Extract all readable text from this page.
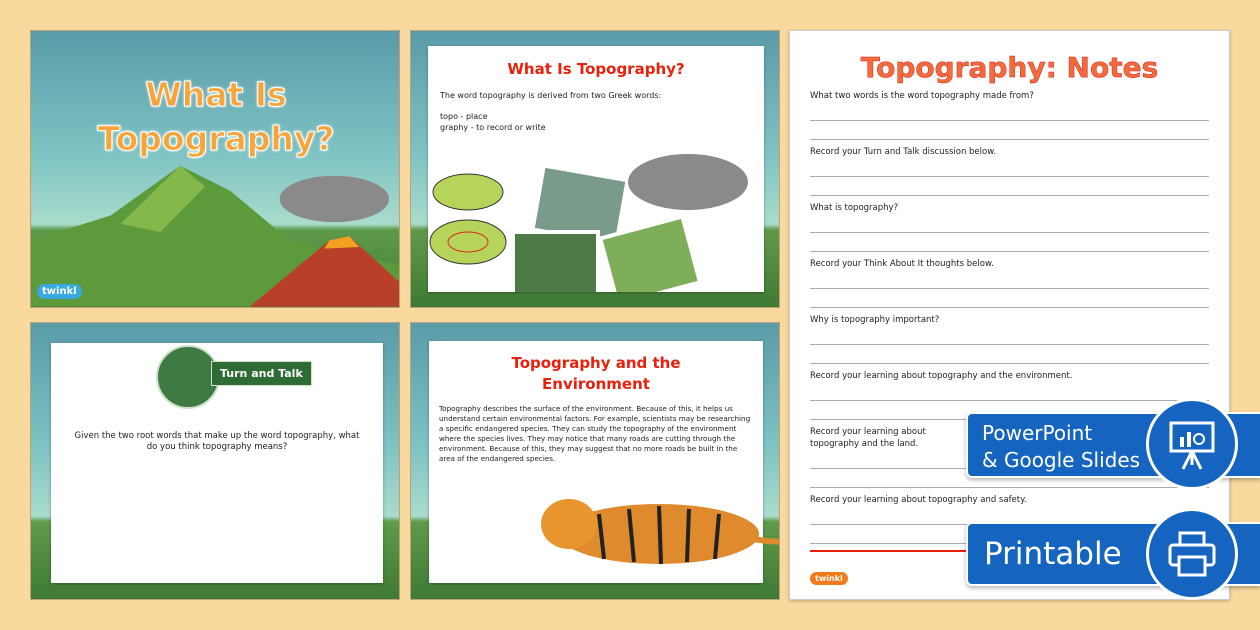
What Is Topography?
twinkl
What Is Topography?
The word topography is derived from two Greek words:
topo - place
graphy - to record or write
Turn and Talk
Given the two root words that make up the word topography, what do you think topography means?
Topography and the Environment
Topography describes the surface of the environment. Because of this, it helps us understand certain environmental factors. For example, scientists may be researching a specific endangered species. They can study the topography of the environment where the species lives. They may notice that many roads are cutting through the environment. Because of this, they may suggest that no more roads be built in the area of the endangered species.
Topography: Notes
What two words is the word topography made from?
Record your Turn and Talk discussion below.
What is topography?
Record your Think About It thoughts below.
Why is topography important?
Record your learning about topography and the environment.
Record your learning about topography and the land.
Record your learning about topography and safety.
twinkl
PowerPoint
& Google Slides
Printable
